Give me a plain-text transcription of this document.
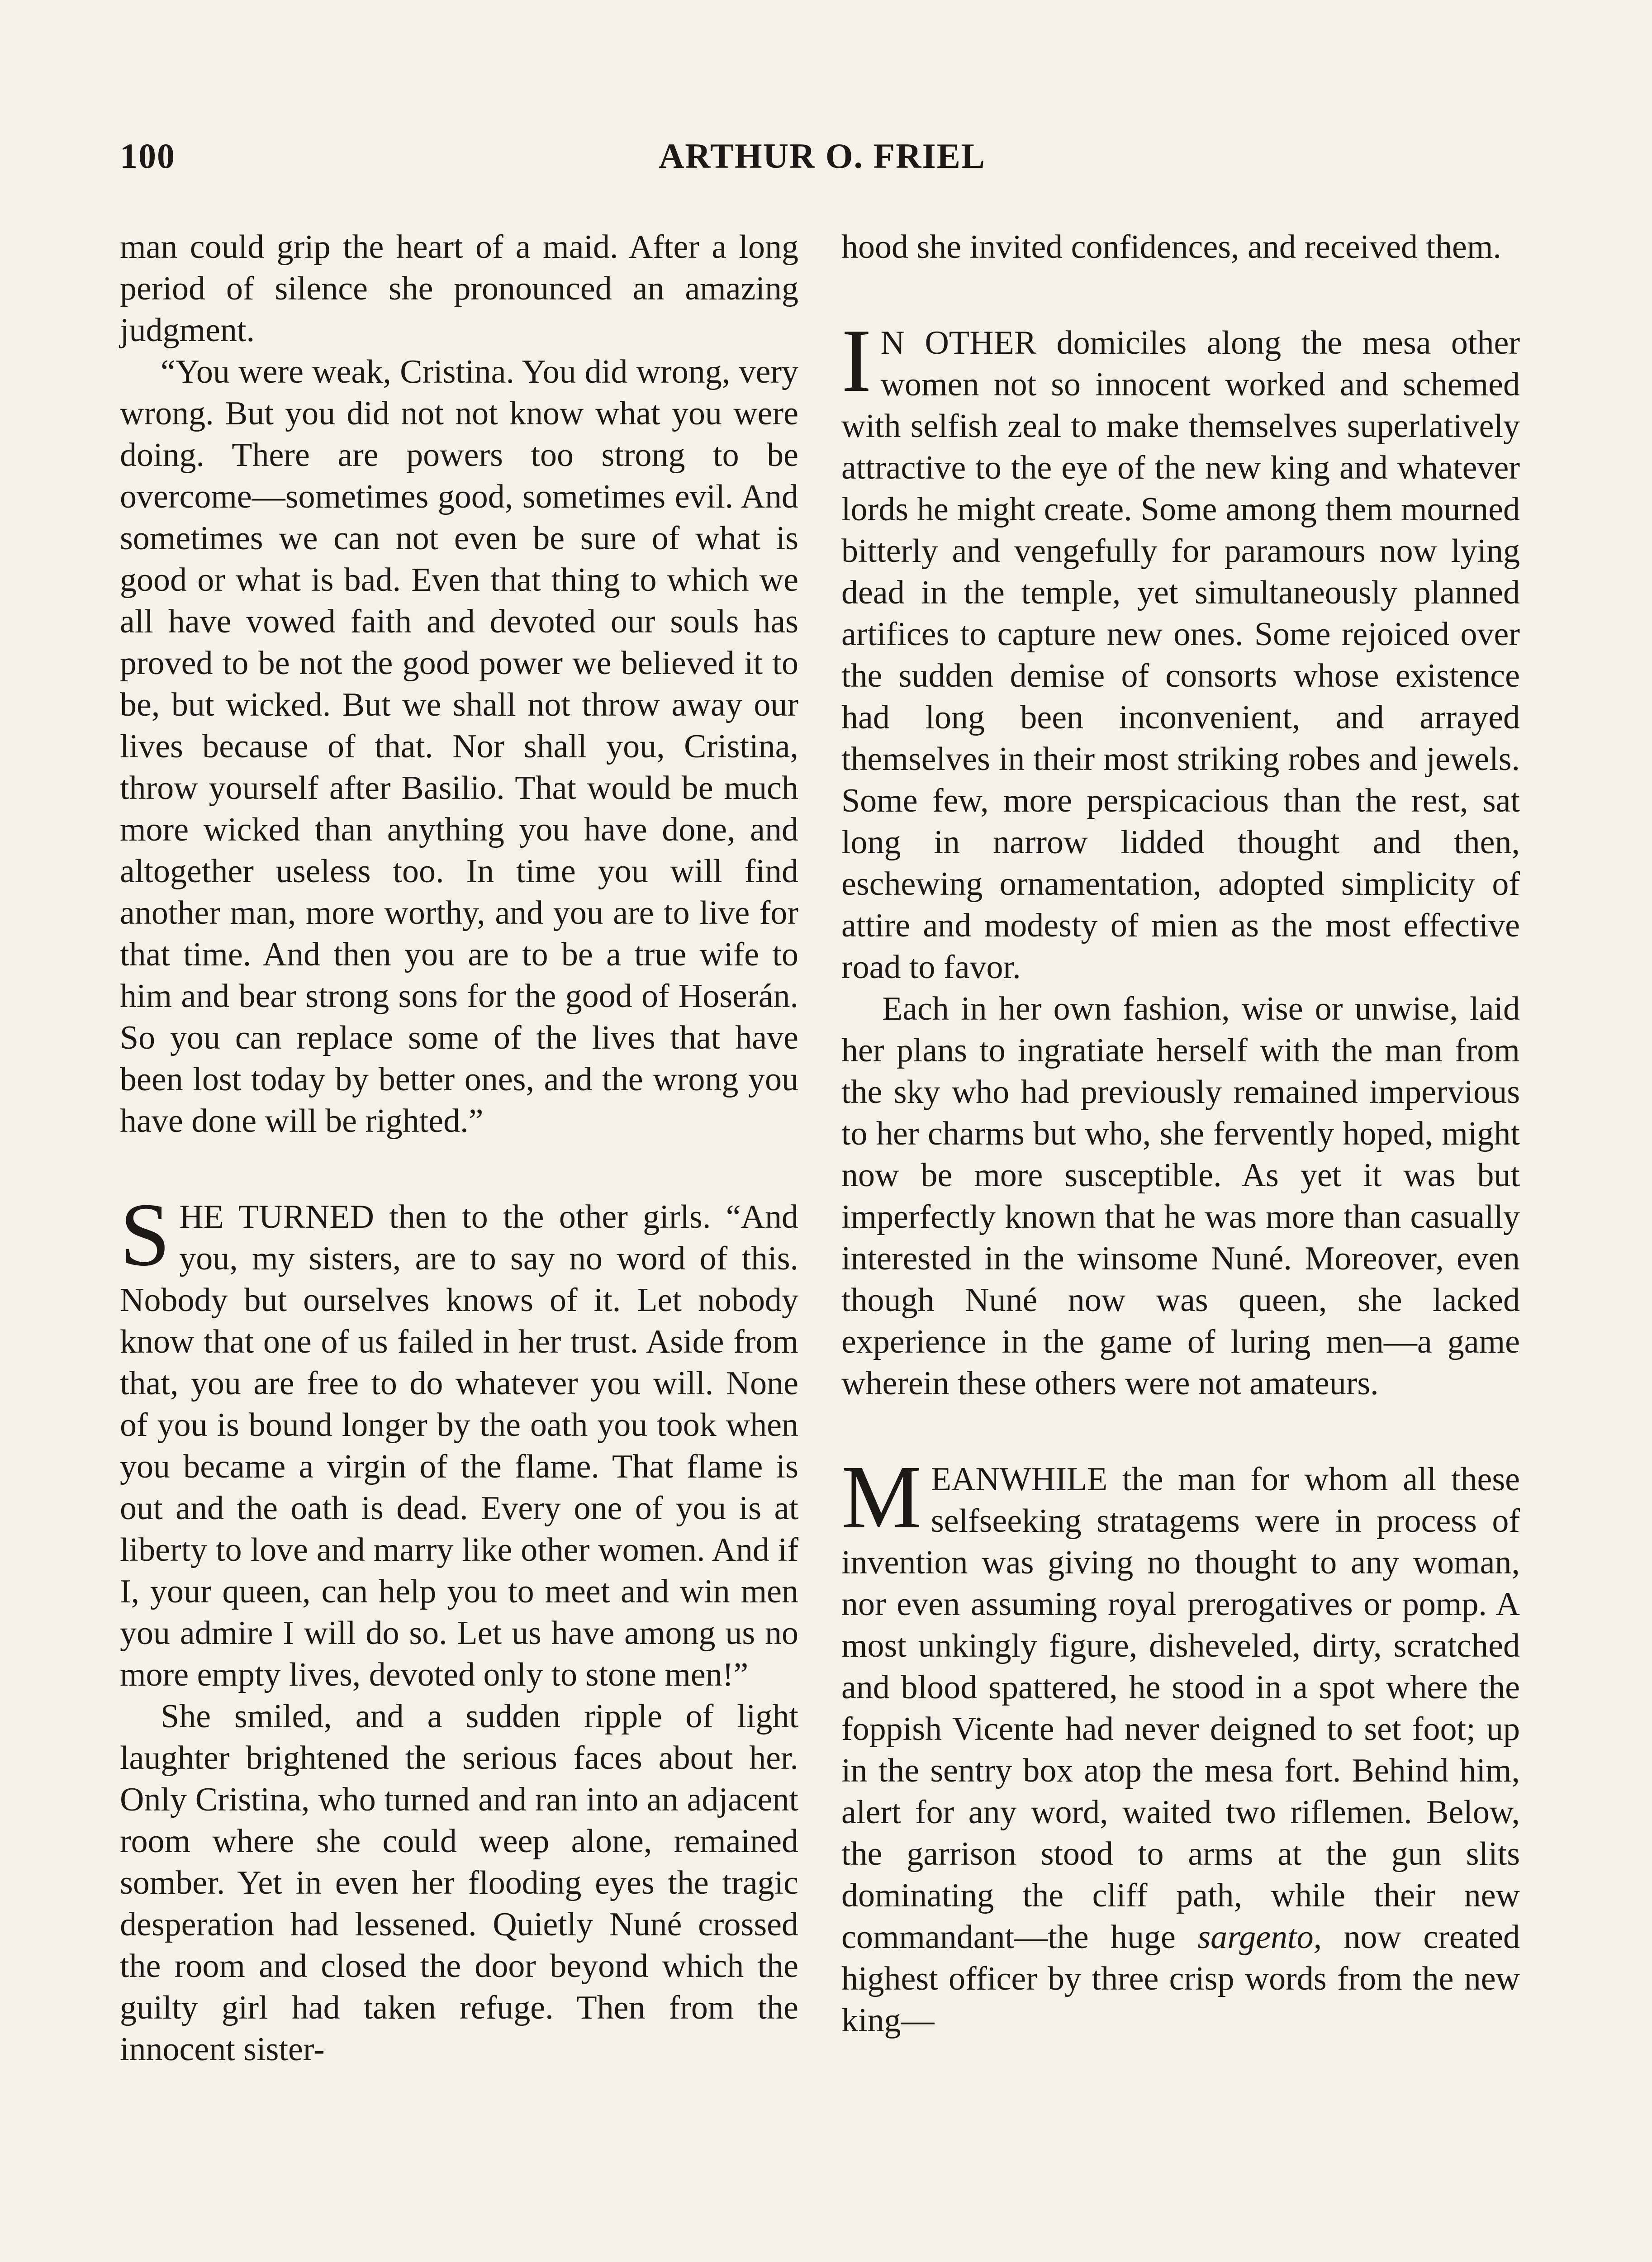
100	ARTHUR O. FRIEL

man could grip the heart of a maid. After a long period of silence she pronounced an amazing judgment.

“You were weak, Cristina. You did wrong, very wrong. But you did not not know what you were doing. There are powers too strong to be overcome—sometimes good, sometimes evil. And sometimes we can not even be sure of what is good or what is bad. Even that thing to which we all have vowed faith and devoted our souls has proved to be not the good power we believed it to be, but wicked. But we shall not throw away our lives because of that. Nor shall you, Cristina, throw yourself after Basilio. That would be much more wicked than anything you have done, and altogether useless too. In time you will find another man, more worthy, and you are to live for that time. And then you are to be a true wife to him and bear strong sons for the good of Hoserán. So you can replace some of the lives that have been lost today by better ones, and the wrong you have done will be righted.”

SHE TURNED then to the other girls. “And you, my sisters, are to say no word of this. Nobody but ourselves knows of it. Let nobody know that one of us failed in her trust. Aside from that, you are free to do whatever you will. None of you is bound longer by the oath you took when you became a virgin of the flame. That flame is out and the oath is dead. Every one of you is at liberty to love and marry like other women. And if I, your queen, can help you to meet and win men you admire I will do so. Let us have among us no more empty lives, devoted only to stone men!”

She smiled, and a sudden ripple of light laughter brightened the serious faces about her. Only Cristina, who turned and ran into an adjacent room where she could weep alone, remained somber. Yet in even her flooding eyes the tragic desperation had lessened. Quietly Nuné crossed the room and closed the door beyond which the guilty girl had taken refuge. Then from the innocent sister-

hood she invited confidences, and received them.

I N OTHER domiciles along the mesa other women not so innocent worked and schemed with selfish zeal to make themselves superlatively attractive to the eye of the new king and whatever lords he might create. Some among them mourned bitterly and vengefully for paramours now lying dead in the temple, yet simultaneously planned artifices to capture new ones. Some rejoiced over the sudden demise of consorts whose existence had long been inconvenient, and arrayed themselves in their most striking robes and jewels. Some few, more perspicacious than the rest, sat long in narrow lidded thought and then, eschewing ornamentation, adopted simplicity of attire and modesty of mien as the most effective road to favor.

Each in her own fashion, wise or unwise, laid her plans to ingratiate herself with the man from the sky who had previously remained impervious to her charms but who, she fervently hoped, might now be more susceptible. As yet it was but imperfectly known that he was more than casually interested in the winsome Nuné. Moreover, even though Nuné now was queen, she lacked experience in the game of luring men—a game wherein these others were not amateurs.

MEANWHILE the man for whom all these selfseeking stratagems were in process of invention was giving no thought to any woman, nor even assuming royal prerogatives or pomp. A most unkingly figure, disheveled, dirty, scratched and blood spattered, he stood in a spot where the foppish Vicente had never deigned to set foot; up in the sentry box atop the mesa fort. Behind him, alert for any word, waited two riflemen. Below, the garrison stood to arms at the gun slits dominating the cliff path, while their new commandant—the huge sargento, now created highest officer by three crisp words from the new king—
